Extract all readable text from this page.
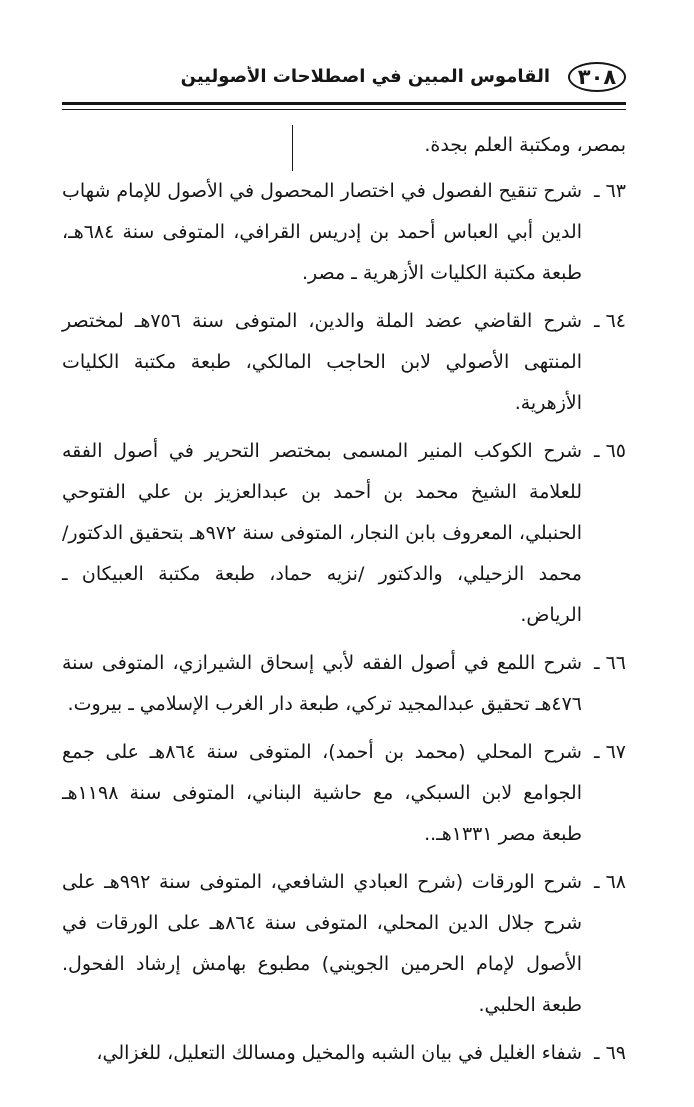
٣٠٨
القاموس المبين في اصطلاحات الأصوليين

بمصر، ومكتبة العلم بجدة.

٦٣ ـ
شرح تنقيح الفصول في اختصار المحصول في الأصول للإمام شهاب الدين أبي العباس أحمد بن إدريس القرافي، المتوفى سنة ٦٨٤هـ، طبعة مكتبة الكليات الأزهرية ـ مصر.
٦٤ ـ
شرح القاضي عضد الملة والدين، المتوفى سنة ٧٥٦هـ لمختصر المنتهى الأصولي لابن الحاجب المالكي، طبعة مكتبة الكليات الأزهرية.
٦٥ ـ
شرح الكوكب المنير المسمى بمختصر التحرير في أصول الفقه للعلامة الشيخ محمد بن أحمد بن عبدالعزيز بن علي الفتوحي الحنبلي، المعروف بابن النجار، المتوفى سنة ٩٧٢هـ بتحقيق الدكتور/ محمد الزحيلي، والدكتور /نزيه حماد، طبعة مكتبة العبيكان ـ الرياض.
٦٦ ـ
شرح اللمع في أصول الفقه لأبي إسحاق الشيرازي، المتوفى سنة ٤٧٦هـ تحقيق عبدالمجيد تركي، طبعة دار الغرب الإسلامي ـ بيروت.
٦٧ ـ
شرح المحلي (محمد بن أحمد)، المتوفى سنة ٨٦٤هـ على جمع الجوامع لابن السبكي، مع حاشية البناني، المتوفى سنة ١١٩٨هـ طبعة مصر ١٣٣١هـ..
٦٨ ـ
شرح الورقات (شرح العبادي الشافعي، المتوفى سنة ٩٩٢هـ على شرح جلال الدين المحلي، المتوفى سنة ٨٦٤هـ على الورقات في الأصول لإمام الحرمين الجويني) مطبوع بهامش إرشاد الفحول. طبعة الحلبي.
٦٩ ـ
شفاء الغليل في بيان الشبه والمخيل ومسالك التعليل، للغزالي،
